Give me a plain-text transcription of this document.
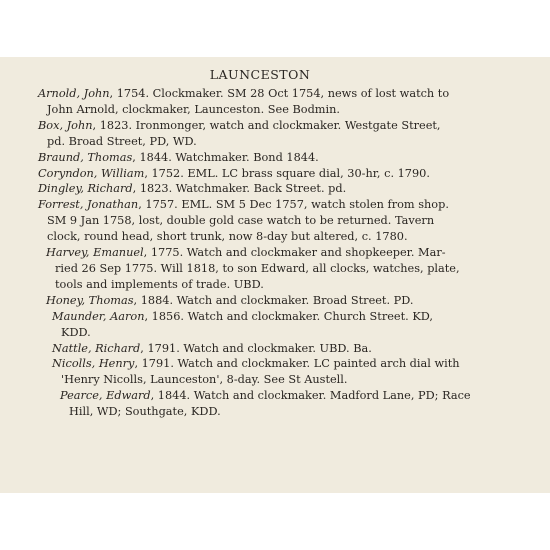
LAUNCESTON
Arnold, John, 1754. Clockmaker. SM 28 Oct 1754, news of lost watch to
John Arnold, clockmaker, Launceston. See Bodmin.
Box, John, 1823. Ironmonger, watch and clockmaker. Westgate Street,
pd. Broad Street, PD, WD.
Braund, Thomas, 1844. Watchmaker. Bond 1844.
Coryndon, William, 1752. EML. LC brass square dial, 30-hr, c. 1790.
Dingley, Richard, 1823. Watchmaker. Back Street. pd.
Forrest, Jonathan, 1757. EML. SM 5 Dec 1757, watch stolen from shop.
SM 9 Jan 1758, lost, double gold case watch to be returned. Tavern
clock, round head, short trunk, now 8-day but altered, c. 1780.
Harvey, Emanuel, 1775. Watch and clockmaker and shopkeeper. Mar-
ried 26 Sep 1775. Will 1818, to son Edward, all clocks, watches, plate,
tools and implements of trade. UBD.
Honey, Thomas, 1884. Watch and clockmaker. Broad Street. PD.
Maunder, Aaron, 1856. Watch and clockmaker. Church Street. KD,
KDD.
Nattle, Richard, 1791. Watch and clockmaker. UBD. Ba.
Nicolls, Henry, 1791. Watch and clockmaker. LC painted arch dial with
'Henry Nicolls, Launceston', 8-day. See St Austell.
Pearce, Edward, 1844. Watch and clockmaker. Madford Lane, PD; Race
Hill, WD; Southgate, KDD.
